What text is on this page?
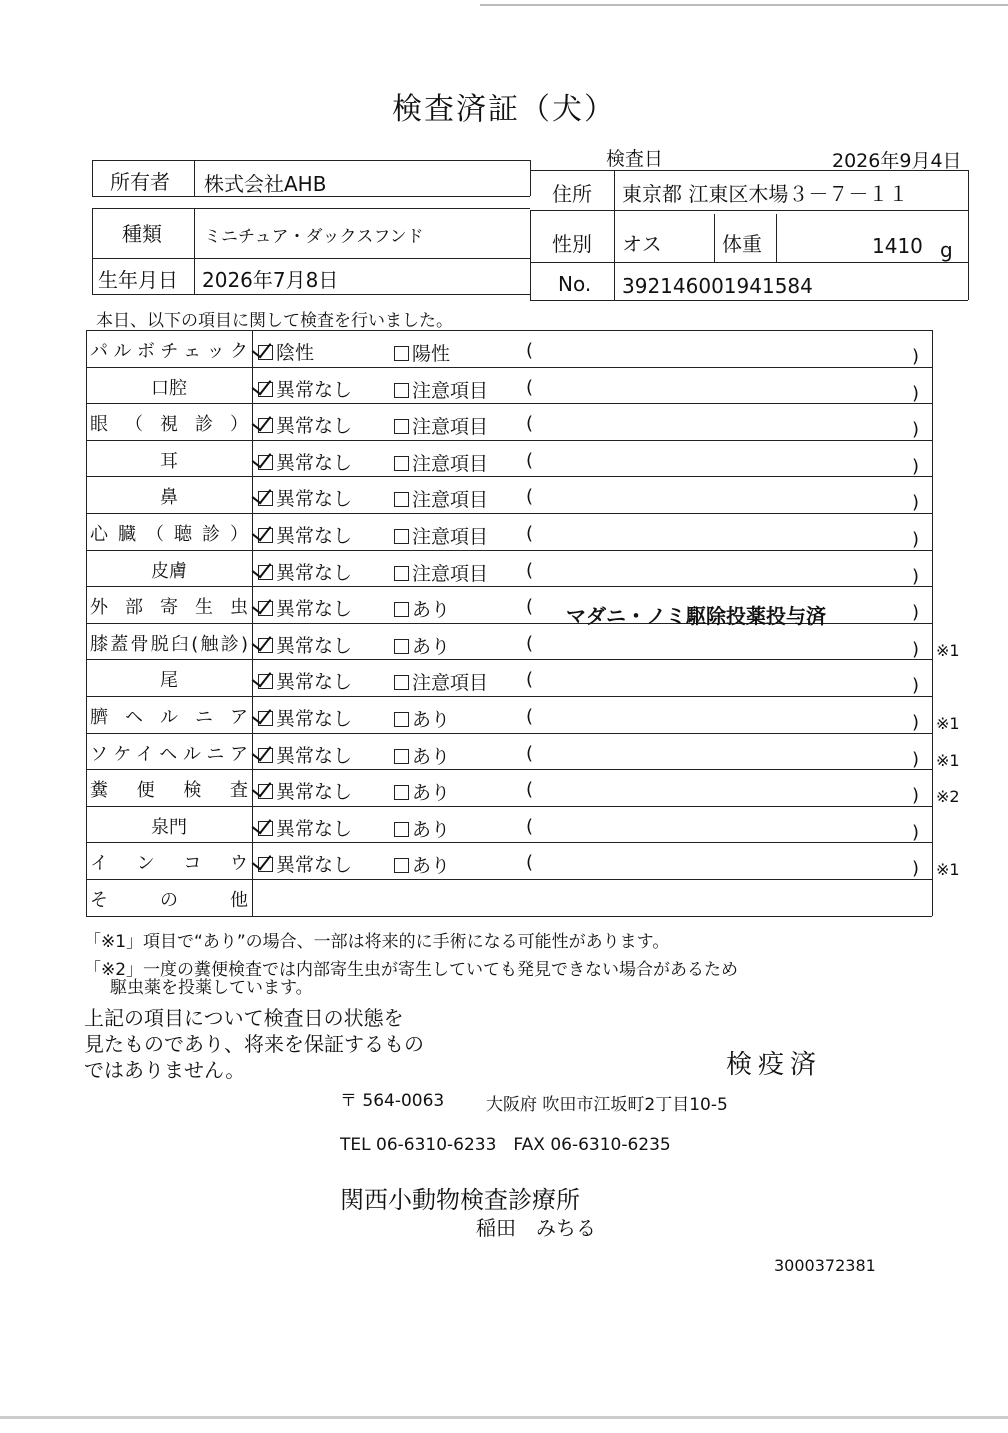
検査済証（犬）
検査日	2026年9月4日
所有者 株式会社AHB	住所 東京都 江東区木場３－７－１１
種類 ミニチュア・ダックスフンド	性別 オス	体重	1410 g
生年月日 2026年7月8日	No. 392146001941584
本日、以下の項目に関して検査を行いました。
パルボチェック	陰性	陽性	(	)
口腔	異常なし	注意項目 (	)
眼（視診）	異常なし	注意項目 (	)
耳	異常なし	注意項目 (	)
鼻	異常なし	注意項目 (	)
心臓（聴診）	異常なし	注意項目 (	)
皮膚	異常なし	注意項目 (	)
外部寄生虫	異常なし	あり	(	)
マダニ・ノミ駆除投薬投与済
膝蓋骨脱臼(触診)	異常なし	あり	(	) ※1
尾	異常なし	注意項目 (	)
臍ヘルニア	異常なし	あり	(	) ※1
ソケイヘルニア	異常なし	あり	(	) ※1
糞便検査	異常なし	あり	(	) ※2
泉門	異常なし	あり	(	)
インコウ	異常なし	あり	(	) ※1
その他
「※1」項目で“あり”の場合、一部は将来的に手術になる可能性があります。
「※2」一度の糞便検査では内部寄生虫が寄生していても発見できない場合があるため
駆虫薬を投薬しています。
上記の項目について検査日の状態を
見たものであり、将来を保証するもの
ではありません。	検疫済
〒 564-0063 大阪府 吹田市江坂町2丁目10-5
TEL 06-6310-6233　FAX 06-6310-6235
関西小動物検査診療所
稲田　みちる
3000372381
